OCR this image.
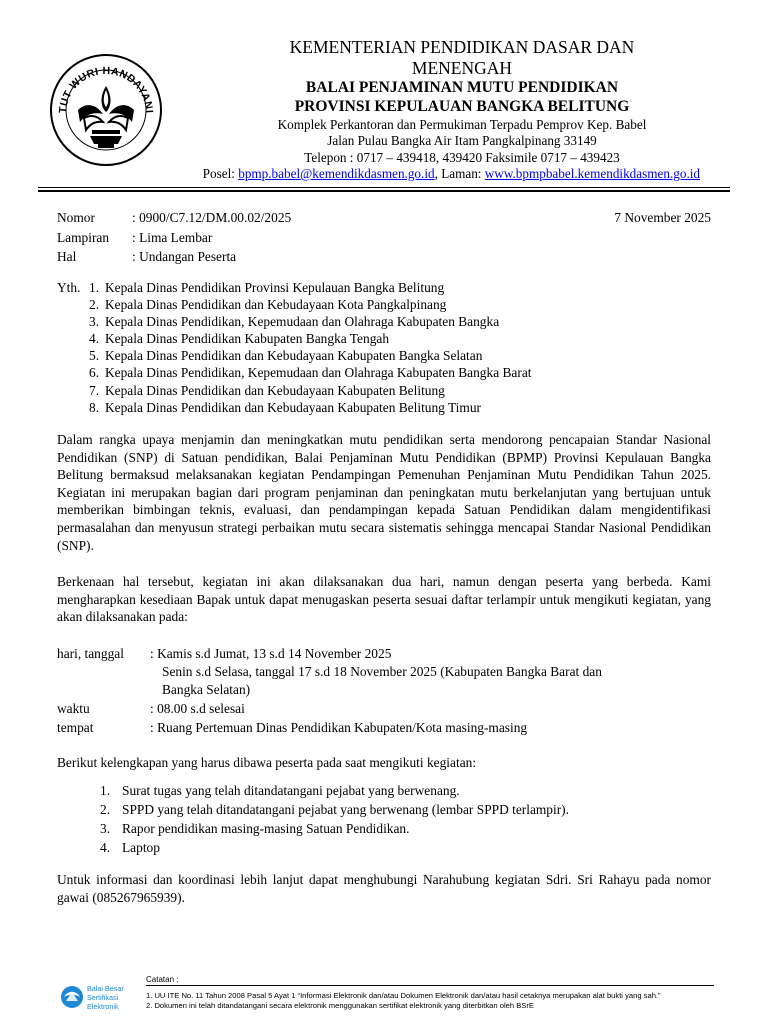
TUT WURI HANDAYANI
KEMENTERIAN PENDIDIKAN DASAR DAN
MENENGAH
BALAI PENJAMINAN MUTU PENDIDIKAN
PROVINSI KEPULAUAN BANGKA BELITUNG
Komplek Perkantoran dan Permukiman Terpadu Pemprov Kep. Babel
Jalan Pulau Bangka Air Itam Pangkalpinang 33149
Telepon : 0717 – 439418, 439420 Faksimile 0717 – 439423
Posel: bpmp.babel@kemendikdasmen.go.id, Laman: www.bpmpbabel.kemendikdasmen.go.id
Nomor	: 0900/C7.12/DM.00.02/2025	7 November 2025
Lampiran : Lima Lembar
Hal	: Undangan Peserta
Yth. 1. Kepala Dinas Pendidikan Provinsi Kepulauan Bangka Belitung
2. Kepala Dinas Pendidikan dan Kebudayaan Kota Pangkalpinang
3. Kepala Dinas Pendidikan, Kepemudaan dan Olahraga Kabupaten Bangka
4. Kepala Dinas Pendidikan Kabupaten Bangka Tengah
5. Kepala Dinas Pendidikan dan Kebudayaan Kabupaten Bangka Selatan
6. Kepala Dinas Pendidikan, Kepemudaan dan Olahraga Kabupaten Bangka Barat
7. Kepala Dinas Pendidikan dan Kebudayaan Kabupaten Belitung
8. Kepala Dinas Pendidikan dan Kebudayaan Kabupaten Belitung Timur
Dalam rangka upaya menjamin dan meningkatkan mutu pendidikan serta mendorong pencapaian Standar Nasional Pendidikan (SNP) di Satuan pendidikan, Balai Penjaminan Mutu Pendidikan (BPMP) Provinsi Kepulauan Bangka Belitung bermaksud melaksanakan kegiatan Pendampingan Pemenuhan Penjaminan Mutu Pendidikan Tahun 2025. Kegiatan ini merupakan bagian dari program penjaminan dan peningkatan mutu berkelanjutan yang bertujuan untuk memberikan bimbingan teknis, evaluasi, dan pendampingan kepada Satuan Pendidikan dalam mengidentifikasi permasalahan dan menyusun strategi perbaikan mutu secara sistematis sehingga mencapai Standar Nasional Pendidikan (SNP).
Berkenaan hal tersebut, kegiatan ini akan dilaksanakan dua hari, namun dengan peserta yang berbeda. Kami mengharapkan kesediaan Bapak untuk dapat menugaskan peserta sesuai daftar terlampir untuk mengikuti kegiatan, yang akan dilaksanakan pada:
hari, tanggal : Kamis s.d Jumat, 13 s.d 14 November 2025
Senin s.d Selasa, tanggal 17 s.d 18 November 2025 (Kabupaten Bangka Barat dan
Bangka Selatan)
waktu	: 08.00 s.d selesai
tempat	: Ruang Pertemuan Dinas Pendidikan Kabupaten/Kota masing-masing
Berikut kelengkapan yang harus dibawa peserta pada saat mengikuti kegiatan:
1. Surat tugas yang telah ditandatangani pejabat yang berwenang.
2. SPPD yang telah ditandatangani pejabat yang berwenang (lembar SPPD terlampir).
3. Rapor pendidikan masing-masing Satuan Pendidikan.
4. Laptop
Untuk informasi dan koordinasi lebih lanjut dapat menghubungi Narahubung kegiatan Sdri. Sri Rahayu pada nomor gawai (085267965939).
Balai Besar
Sertifikasi
Elektronik
Catatan :
1. UU ITE No. 11 Tahun 2008 Pasal 5 Ayat 1 “Informasi Elektronik dan/atau Dokumen Elektronik dan/atau hasil cetaknya merupakan alat bukti yang sah.”
2. Dokumen ini telah ditandatangani secara elektronik menggunakan sertifikat elektronik yang diterbitkan oleh BSrE
